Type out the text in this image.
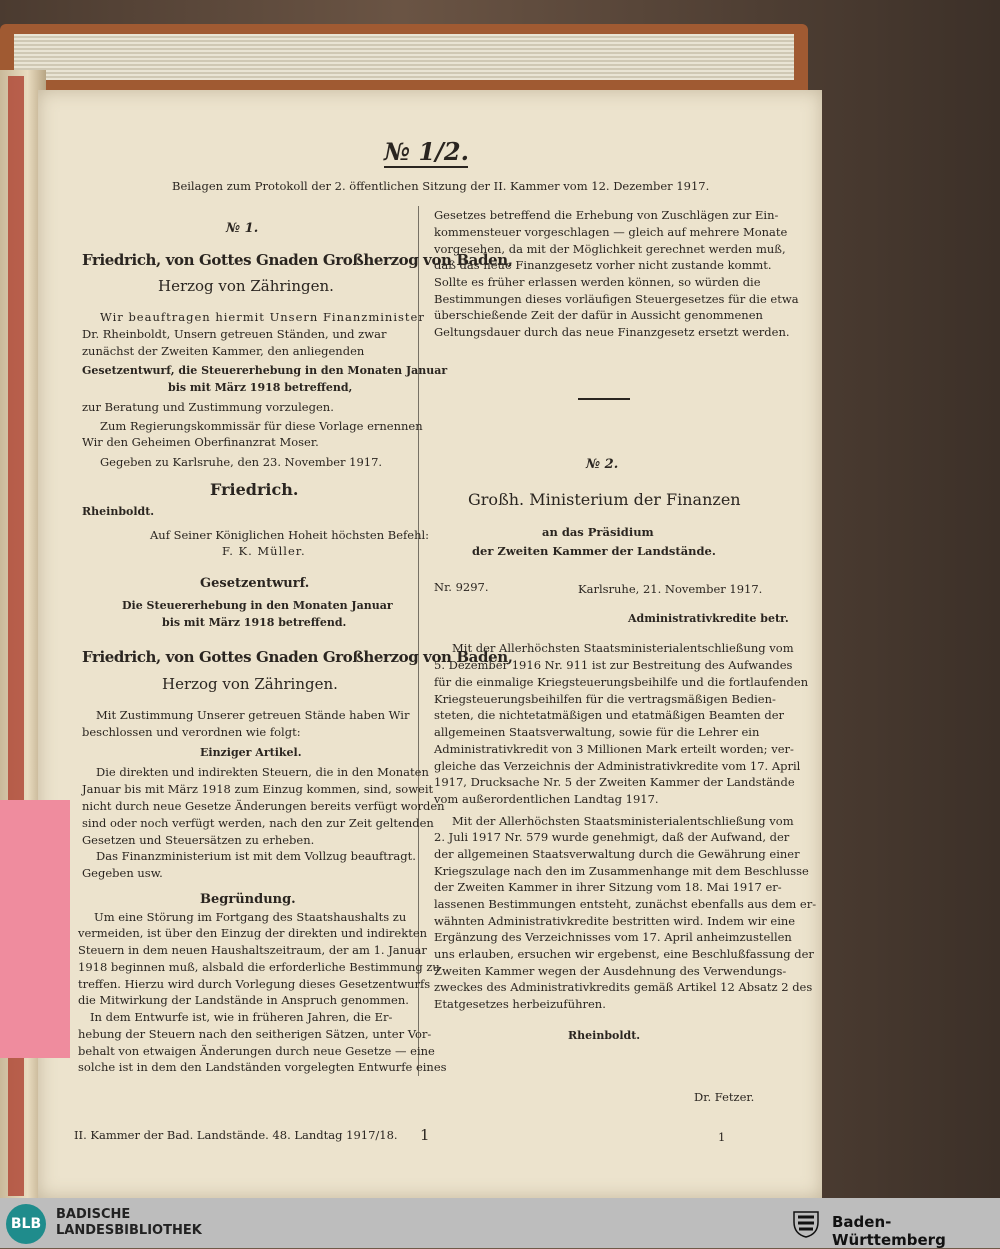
№ 1/2.
Beilagen zum Protokoll der 2. öffentlichen Sitzung der II. Kammer vom 12. Dezember 1917.
№ 1.
Friedrich, von Gottes Gnaden Großherzog von Baden,
Herzog von Zähringen.
Wir beauftragen hiermit Unsern Finanzminister
Dr. Rheinboldt, Unsern getreuen Ständen, und zwar
zunächst der Zweiten Kammer, den anliegenden
Gesetzentwurf, die Steuererhebung in den Monaten Januar
bis mit März 1918 betreffend,
zur Beratung und Zustimmung vorzulegen.
Zum Regierungskommissär für diese Vorlage ernennen
Wir den Geheimen Oberfinanzrat Moser.
Gegeben zu Karlsruhe, den 23. November 1917.
Friedrich.
Rheinboldt.
Auf Seiner Königlichen Hoheit höchsten Befehl:
F. K. Müller.
Gesetzentwurf.
Die Steuererhebung in den Monaten Januar
bis mit März 1918 betreffend.
Friedrich, von Gottes Gnaden Großherzog von Baden,
Herzog von Zähringen.
Mit Zustimmung Unserer getreuen Stände haben Wir
beschlossen und verordnen wie folgt:
Einziger Artikel.
Die direkten und indirekten Steuern, die in den Monaten
Januar bis mit März 1918 zum Einzug kommen, sind, soweit
nicht durch neue Gesetze Änderungen bereits verfügt worden
sind oder noch verfügt werden, nach den zur Zeit geltenden
Gesetzen und Steuersätzen zu erheben.
Das Finanzministerium ist mit dem Vollzug beauftragt.
Gegeben usw.
Begründung.
Um eine Störung im Fortgang des Staatshaushalts zu
vermeiden, ist über den Einzug der direkten und indirekten
Steuern in dem neuen Haushaltszeitraum, der am 1. Januar
1918 beginnen muß, alsbald die erforderliche Bestimmung zu
treffen. Hierzu wird durch Vorlegung dieses Gesetzentwurfs
die Mitwirkung der Landstände in Anspruch genommen.
In dem Entwurfe ist, wie in früheren Jahren, die Er-
hebung der Steuern nach den seitherigen Sätzen, unter Vor-
behalt von etwaigen Änderungen durch neue Gesetze — eine
solche ist in dem den Landständen vorgelegten Entwurfe eines
Gesetzes betreffend die Erhebung von Zuschlägen zur Ein-
kommensteuer vorgeschlagen — gleich auf mehrere Monate
vorgesehen, da mit der Möglichkeit gerechnet werden muß,
daß das neue Finanzgesetz vorher nicht zustande kommt.
Sollte es früher erlassen werden können, so würden die
Bestimmungen dieses vorläufigen Steuergesetzes für die etwa
überschießende Zeit der dafür in Aussicht genommenen
Geltungsdauer durch das neue Finanzgesetz ersetzt werden.
№ 2.
Großh. Ministerium der Finanzen
an das Präsidium
der Zweiten Kammer der Landstände.
Nr. 9297.	Karlsruhe, 21. November 1917.
Administrativkredite betr.
Mit der Allerhöchsten Staatsministerialentschließung vom
5. Dezember 1916 Nr. 911 ist zur Bestreitung des Aufwandes
für die einmalige Kriegsteuerungsbeihilfe und die fortlaufenden
Kriegsteuerungsbeihilfen für die vertragsmäßigen Bedien-
steten, die nichtetatmäßigen und etatmäßigen Beamten der
allgemeinen Staatsverwaltung, sowie für die Lehrer ein
Administrativkredit von 3 Millionen Mark erteilt worden; ver-
gleiche das Verzeichnis der Administrativkredite vom 17. April
1917, Drucksache Nr. 5 der Zweiten Kammer der Landstände
vom außerordentlichen Landtag 1917.
Mit der Allerhöchsten Staatsministerialentschließung vom
2. Juli 1917 Nr. 579 wurde genehmigt, daß der Aufwand, der
der allgemeinen Staatsverwaltung durch die Gewährung einer
Kriegszulage nach den im Zusammenhange mit dem Beschlusse
der Zweiten Kammer in ihrer Sitzung vom 18. Mai 1917 er-
lassenen Bestimmungen entsteht, zunächst ebenfalls aus dem er-
wähnten Administrativkredite bestritten wird. Indem wir eine
Ergänzung des Verzeichnisses vom 17. April anheimzustellen
uns erlauben, ersuchen wir ergebenst, eine Beschlußfassung der
Zweiten Kammer wegen der Ausdehnung des Verwendungs-
zweckes des Administrativkredits gemäß Artikel 12 Absatz 2 des
Etatgesetzes herbeizuführen.
Rheinboldt.
Dr. Fetzer.
II. Kammer der Bad. Landstände. 48. Landtag 1917/18. 1	1
BLB
BADISCHE
LANDESBIBLIOTHEK	Baden-Württemberg
